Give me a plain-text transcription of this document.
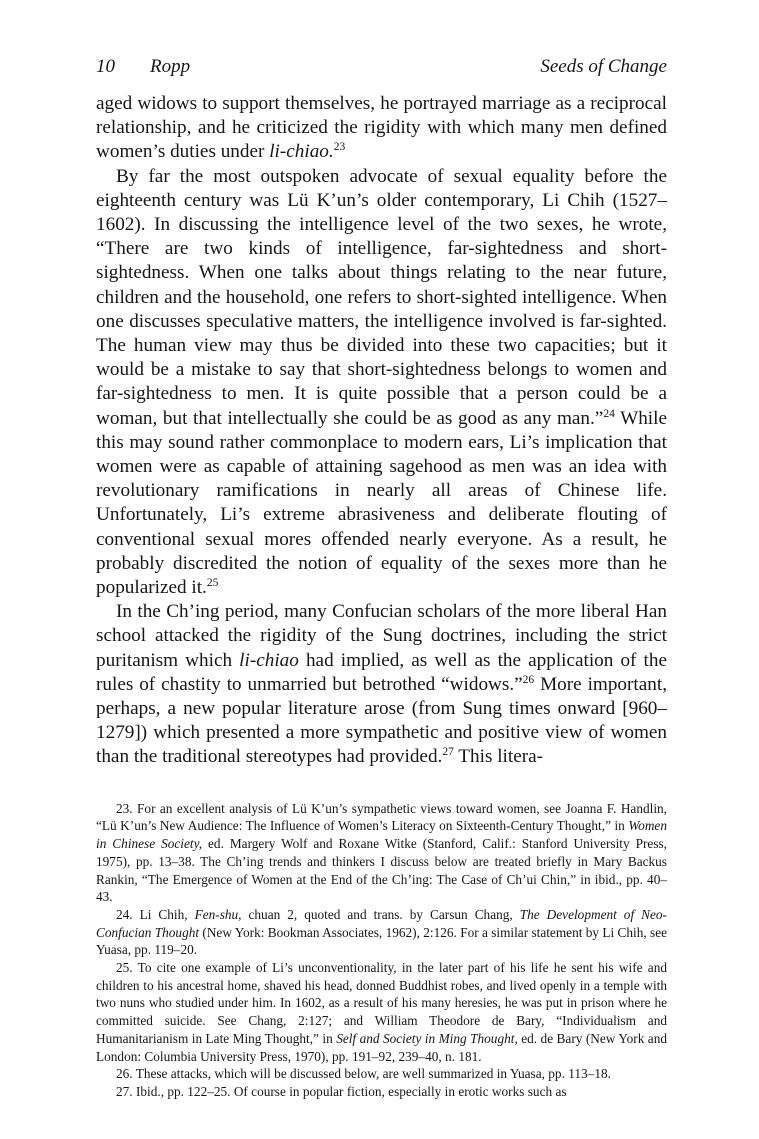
10 Ropp	Seeds of Change

aged widows to support themselves, he portrayed marriage as a reciprocal relationship, and he criticized the rigidity with which many men defined women’s duties under li-chiao.$^{23}$

By far the most outspoken advocate of sexual equality before the eighteenth century was Lü K’un’s older contemporary, Li Chih (1527–1602). In discussing the intelligence level of the two sexes, he wrote, “There are two kinds of intelligence, far-sightedness and short-sightedness. When one talks about things relating to the near future, children and the household, one refers to short-sighted intelligence. When one discusses speculative matters, the intelligence involved is far-sighted. The human view may thus be divided into these two capacities; but it would be a mistake to say that short-sightedness belongs to women and far-sightedness to men. It is quite possible that a person could be a woman, but that intellectually she could be as good as any man.”$^{24}$ While this may sound rather commonplace to modern ears, Li’s implication that women were as capable of attaining sagehood as men was an idea with revolutionary ramifications in nearly all areas of Chinese life. Unfortunately, Li’s extreme abrasiveness and deliberate flouting of conventional sexual mores offended nearly everyone. As a result, he probably discredited the notion of equality of the sexes more than he popularized it.$^{25}$

In the Ch’ing period, many Confucian scholars of the more liberal Han school attacked the rigidity of the Sung doctrines, including the strict puritanism which li-chiao had implied, as well as the application of the rules of chastity to unmarried but betrothed “widows.”$^{26}$ More important, perhaps, a new popular literature arose (from Sung times onward [960–1279]) which presented a more sympathetic and positive view of women than the traditional stereotypes had provided.$^{27}$ This litera-

23. For an excellent analysis of Lü K’un’s sympathetic views toward women, see Joanna F. Handlin, “Lü K’un’s New Audience: The Influence of Women’s Literacy on Sixteenth-Century Thought,” in Women in Chinese Society, ed. Margery Wolf and Roxane Witke (Stanford, Calif.: Stanford University Press, 1975), pp. 13–38. The Ch’ing trends and thinkers I discuss below are treated briefly in Mary Backus Rankin, “The Emergence of Women at the End of the Ch’ing: The Case of Ch’ui Chin,” in ibid., pp. 40–43.

24. Li Chih, Fen-shu, chuan 2, quoted and trans. by Carsun Chang, The Development of Neo-Confucian Thought (New York: Bookman Associates, 1962), 2:126. For a similar statement by Li Chih, see Yuasa, pp. 119–20.

25. To cite one example of Li’s unconventionality, in the later part of his life he sent his wife and children to his ancestral home, shaved his head, donned Buddhist robes, and lived openly in a temple with two nuns who studied under him. In 1602, as a result of his many heresies, he was put in prison where he committed suicide. See Chang, 2:127; and William Theodore de Bary, “Individualism and Humanitarianism in Late Ming Thought,” in Self and Society in Ming Thought, ed. de Bary (New York and London: Columbia University Press, 1970), pp. 191–92, 239–40, n. 181.

26. These attacks, which will be discussed below, are well summarized in Yuasa, pp. 113–18.

27. Ibid., pp. 122–25. Of course in popular fiction, especially in erotic works such as
